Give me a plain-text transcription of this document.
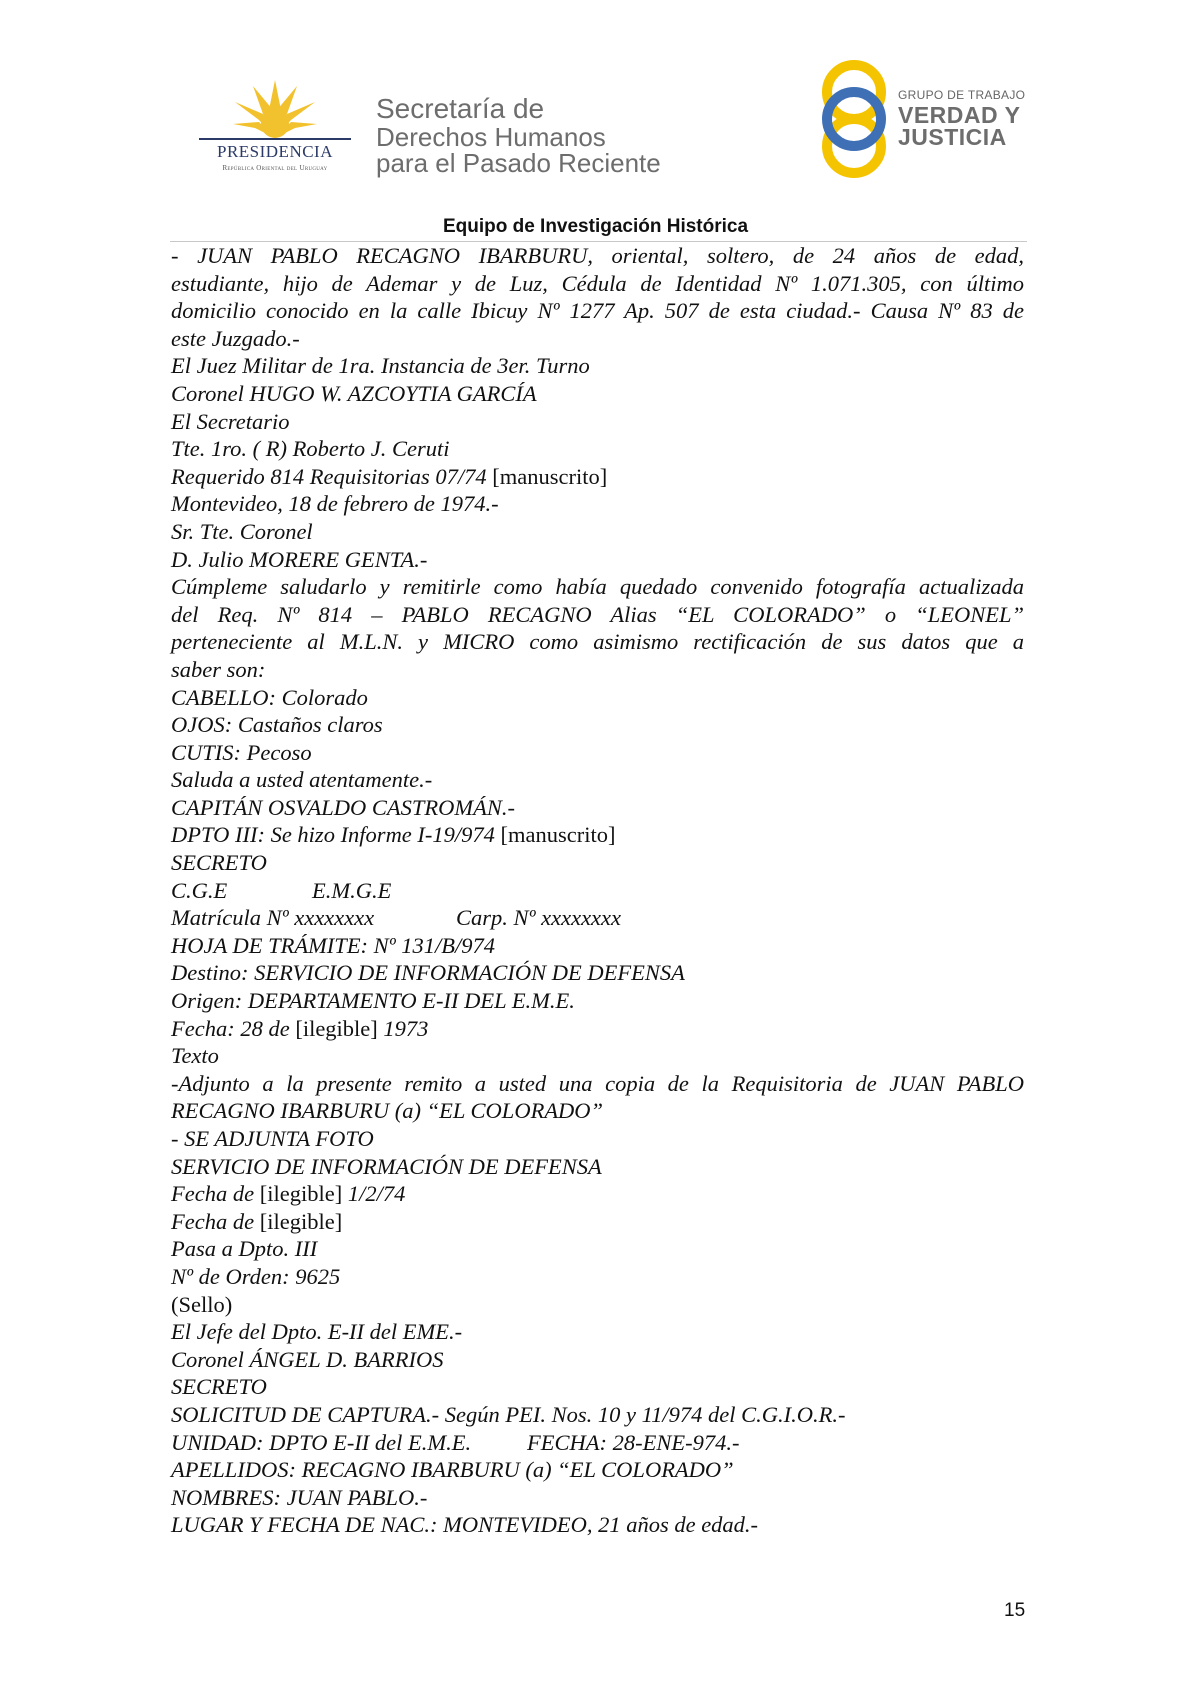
PRESIDENCIA
República Oriental del Uruguay
Secretaría de
Derechos Humanos
para el Pasado Reciente
GRUPO DE TRABAJO
VERDAD Y
JUSTICIA
Equipo de Investigación Histórica
- JUAN PABLO RECAGNO IBARBURU, oriental, soltero, de 24 años de edad,
estudiante, hijo de Ademar y de Luz, Cédula de Identidad Nº 1.071.305, con último
domicilio conocido en la calle Ibicuy Nº 1277 Ap. 507 de esta ciudad.- Causa Nº 83 de
este Juzgado.-
El Juez Militar de 1ra. Instancia de 3er. Turno
Coronel HUGO W. AZCOYTIA GARCÍA
El Secretario
Tte. 1ro. ( R) Roberto J. Ceruti
Requerido 814 Requisitorias 07/74 [manuscrito]
Montevideo, 18 de febrero de 1974.-
Sr. Tte. Coronel
D. Julio MORERE GENTA.-
Cúmpleme saludarlo y remitirle como había quedado convenido fotografía actualizada
del Req. Nº 814 – PABLO RECAGNO Alias “EL COLORADO” o “LEONEL”
perteneciente al M.L.N. y MICRO como asimismo rectificación de sus datos que a
saber son:
CABELLO: Colorado
OJOS: Castaños claros
CUTIS: Pecoso
Saluda a usted atentamente.-
CAPITÁN OSVALDO CASTROMÁN.-
DPTO III: Se hizo Informe I-19/974 [manuscrito]
SECRETO
C.G.E	E.M.G.E
Matrícula Nº xxxxxxxx	Carp. Nº xxxxxxxx
HOJA DE TRÁMITE: Nº 131/B/974
Destino: SERVICIO DE INFORMACIÓN DE DEFENSA
Origen: DEPARTAMENTO E-II DEL E.M.E.
Fecha: 28 de [ilegible] 1973
Texto
-Adjunto a la presente remito a usted una copia de la Requisitoria de JUAN PABLO
RECAGNO IBARBURU (a) “EL COLORADO”
- SE ADJUNTA FOTO
SERVICIO DE INFORMACIÓN DE DEFENSA
Fecha de [ilegible] 1/2/74
Fecha de [ilegible]
Pasa a Dpto. III
Nº de Orden: 9625
(Sello)
El Jefe del Dpto. E-II del EME.-
Coronel ÁNGEL D. BARRIOS
SECRETO
SOLICITUD DE CAPTURA.- Según PEI. Nos. 10 y 11/974 del C.G.I.O.R.-
UNIDAD: DPTO E-II del E.M.E. FECHA: 28-ENE-974.-
APELLIDOS: RECAGNO IBARBURU (a) “EL COLORADO”
NOMBRES: JUAN PABLO.-
LUGAR Y FECHA DE NAC.: MONTEVIDEO, 21 años de edad.-
15
